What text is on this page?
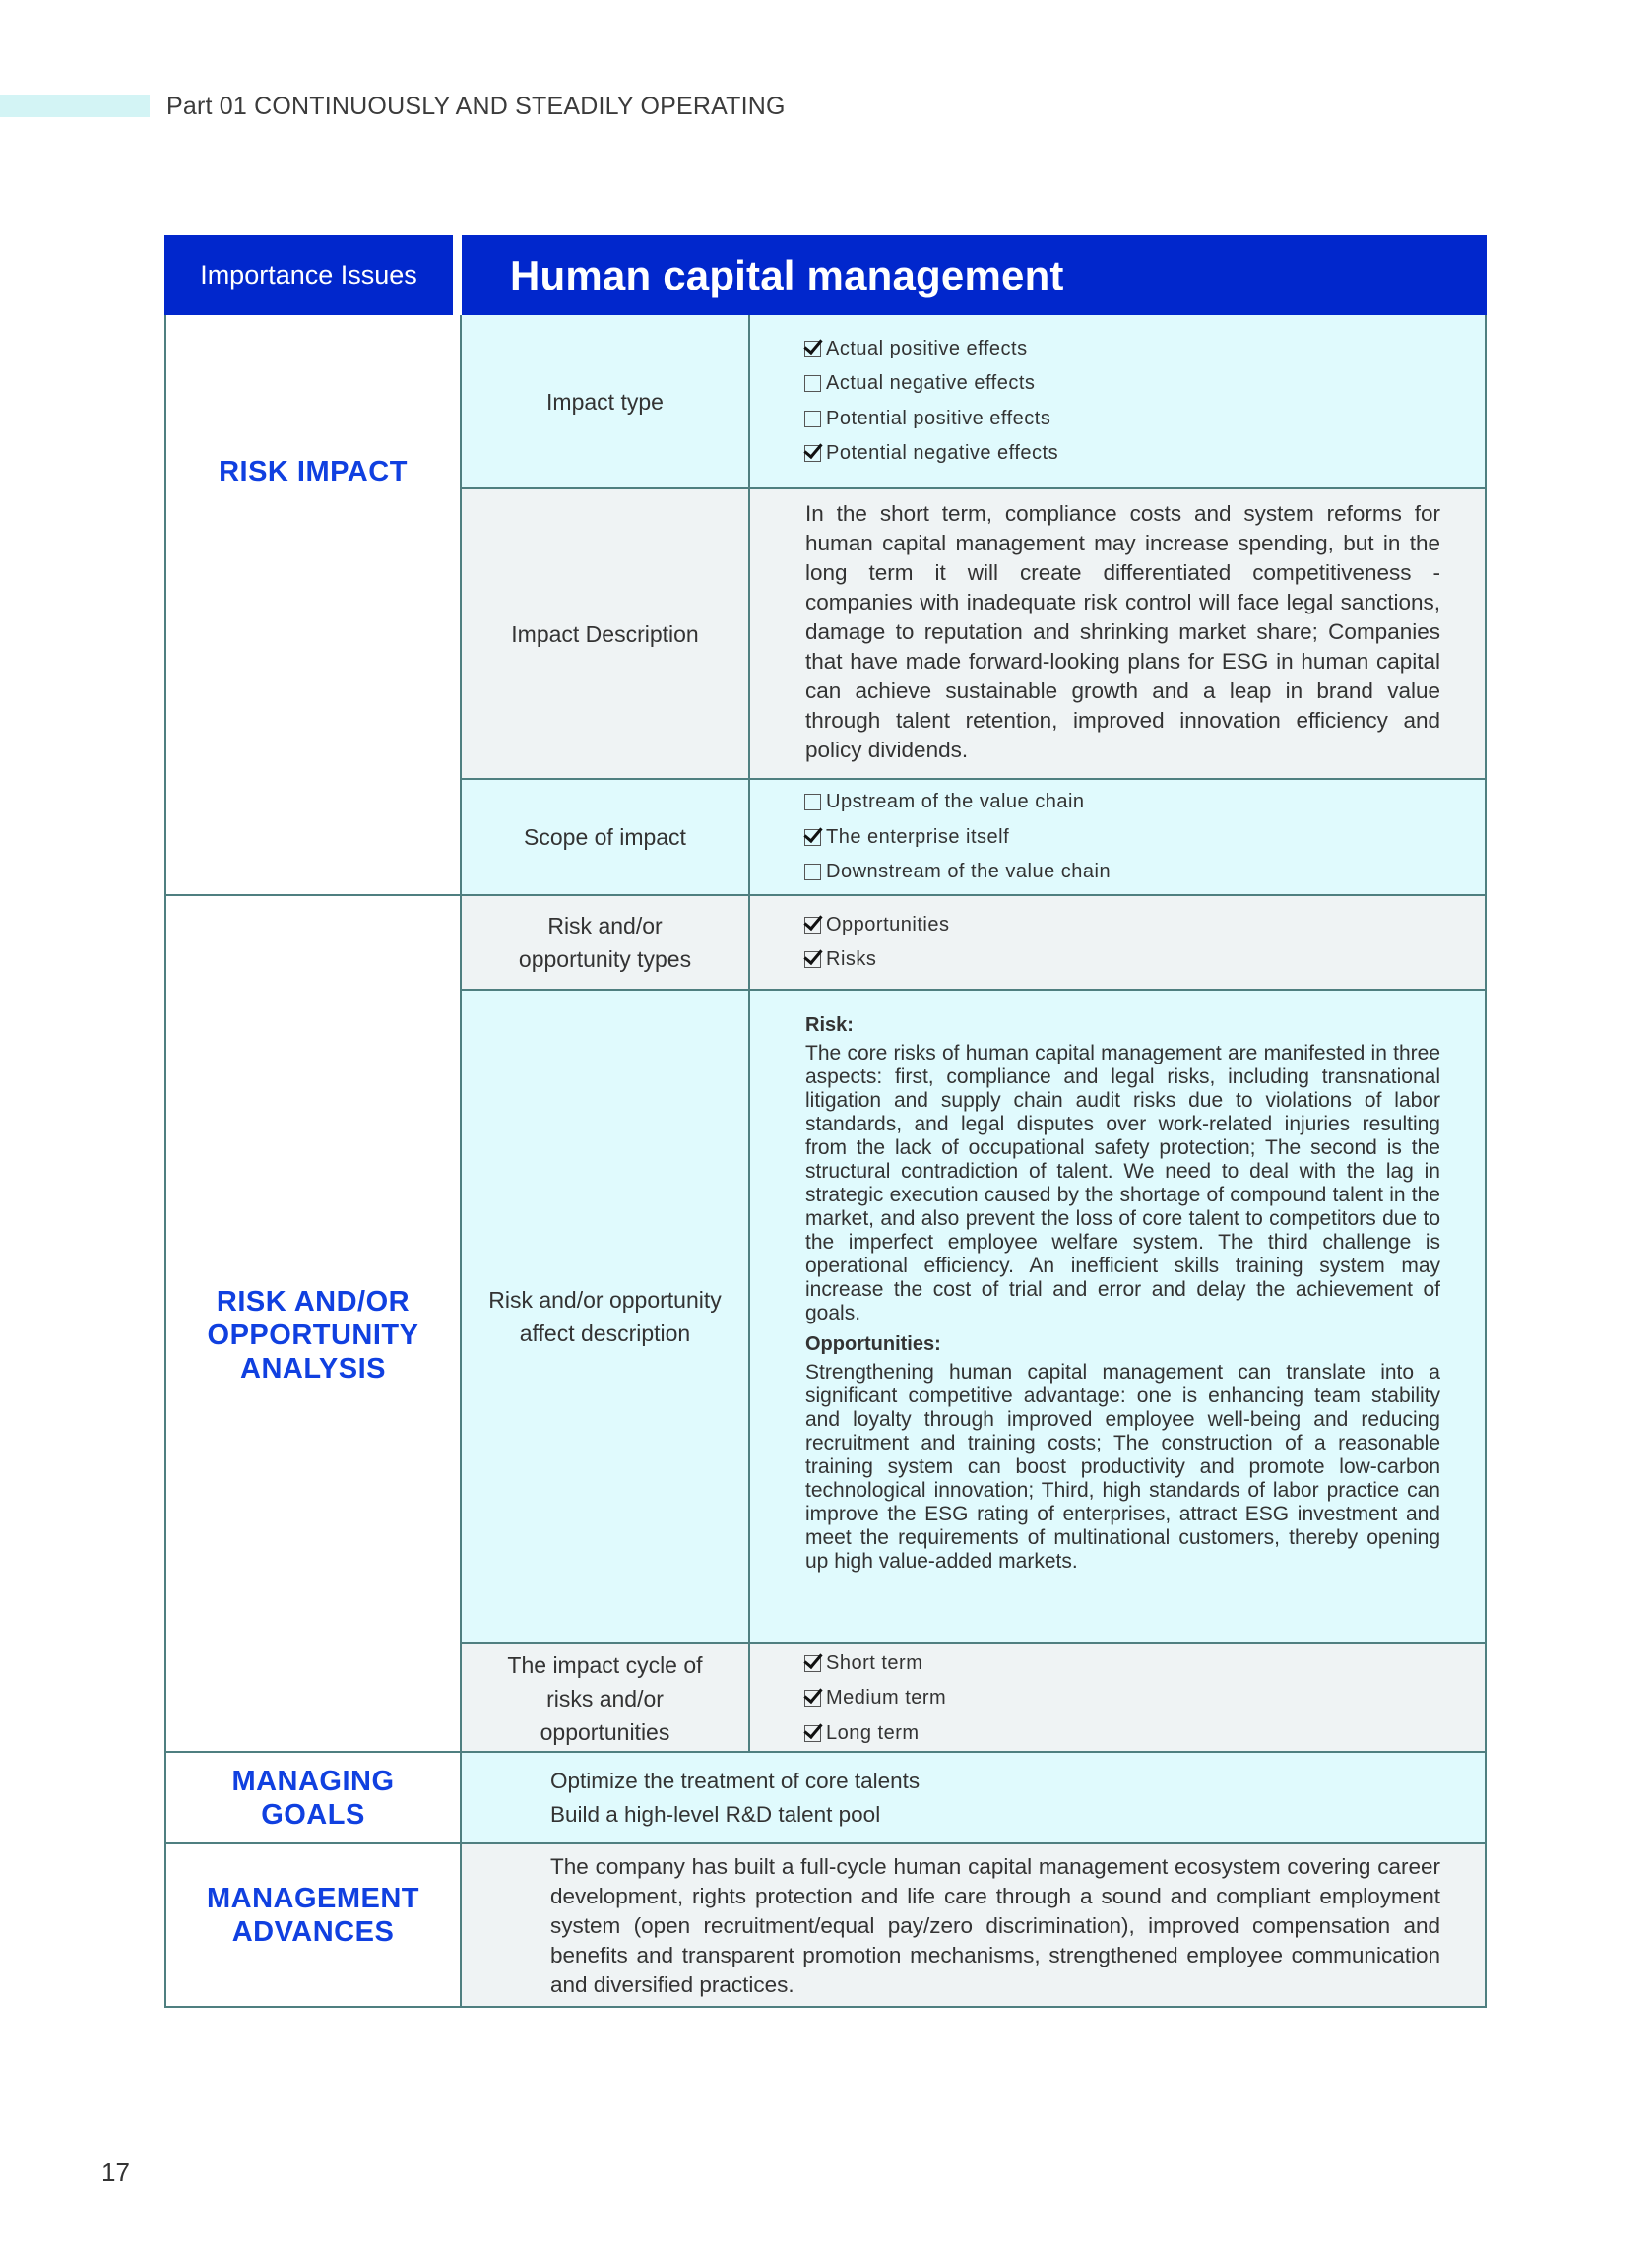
Part 01 CONTINUOUSLY AND STEADILY OPERATING
Importance Issues	Human capital management
RISK IMPACT
Impact type
Actual positive effects
Actual negative effects
Potential positive effects
Potential negative effects
Impact Description

In the short term, compliance costs and system reforms for human capital management may increase spending, but in the long term it will create differentiated competitiveness - companies with inadequate risk control will face legal sanctions, damage to reputation and shrinking market share; Companies that have made forward-looking plans for ESG in human capital can achieve sustainable growth and a leap in brand value through talent retention, improved innovation efficiency and policy dividends.

Scope of impact
Upstream of the value chain
The enterprise itself
Downstream of the value chain
RISK AND/OR OPPORTUNITY ANALYSIS
Risk and/or opportunity types
Opportunities
Risks
Risk and/or opportunity affect description
Risk:

The core risks of human capital management are manifested in three aspects: first, compliance and legal risks, including transnational litigation and supply chain audit risks due to violations of labor standards, and legal disputes over work-related injuries resulting from the lack of occupational safety protection; The second is the structural contradiction of talent. We need to deal with the lag in strategic execution caused by the shortage of compound talent in the market, and also prevent the loss of core talent to competitors due to the imperfect employee welfare system. The third challenge is operational efficiency. An inefficient skills training system may increase the cost of trial and error and delay the achievement of goals.

Opportunities:

Strengthening human capital management can translate into a significant competitive advantage: one is enhancing team stability and loyalty through improved employee well-being and reducing recruitment and training costs; The construction of a reasonable training system can boost productivity and promote low-carbon technological innovation; Third, high standards of labor practice can improve the ESG rating of enterprises, attract ESG investment and meet the requirements of multinational customers, thereby opening up high value-added markets.

The impact cycle of risks and/or opportunities
Short term
Medium term
Long term
MANAGING GOALS
Optimize the treatment of core talents
Build a high-level R&D talent pool
MANAGEMENT ADVANCES

The company has built a full-cycle human capital management ecosystem covering career development, rights protection and life care through a sound and compliant employment system (open recruitment/equal pay/zero discrimination), improved compensation and benefits and transparent promotion mechanisms, strengthened employee communication and diversified practices.

17
